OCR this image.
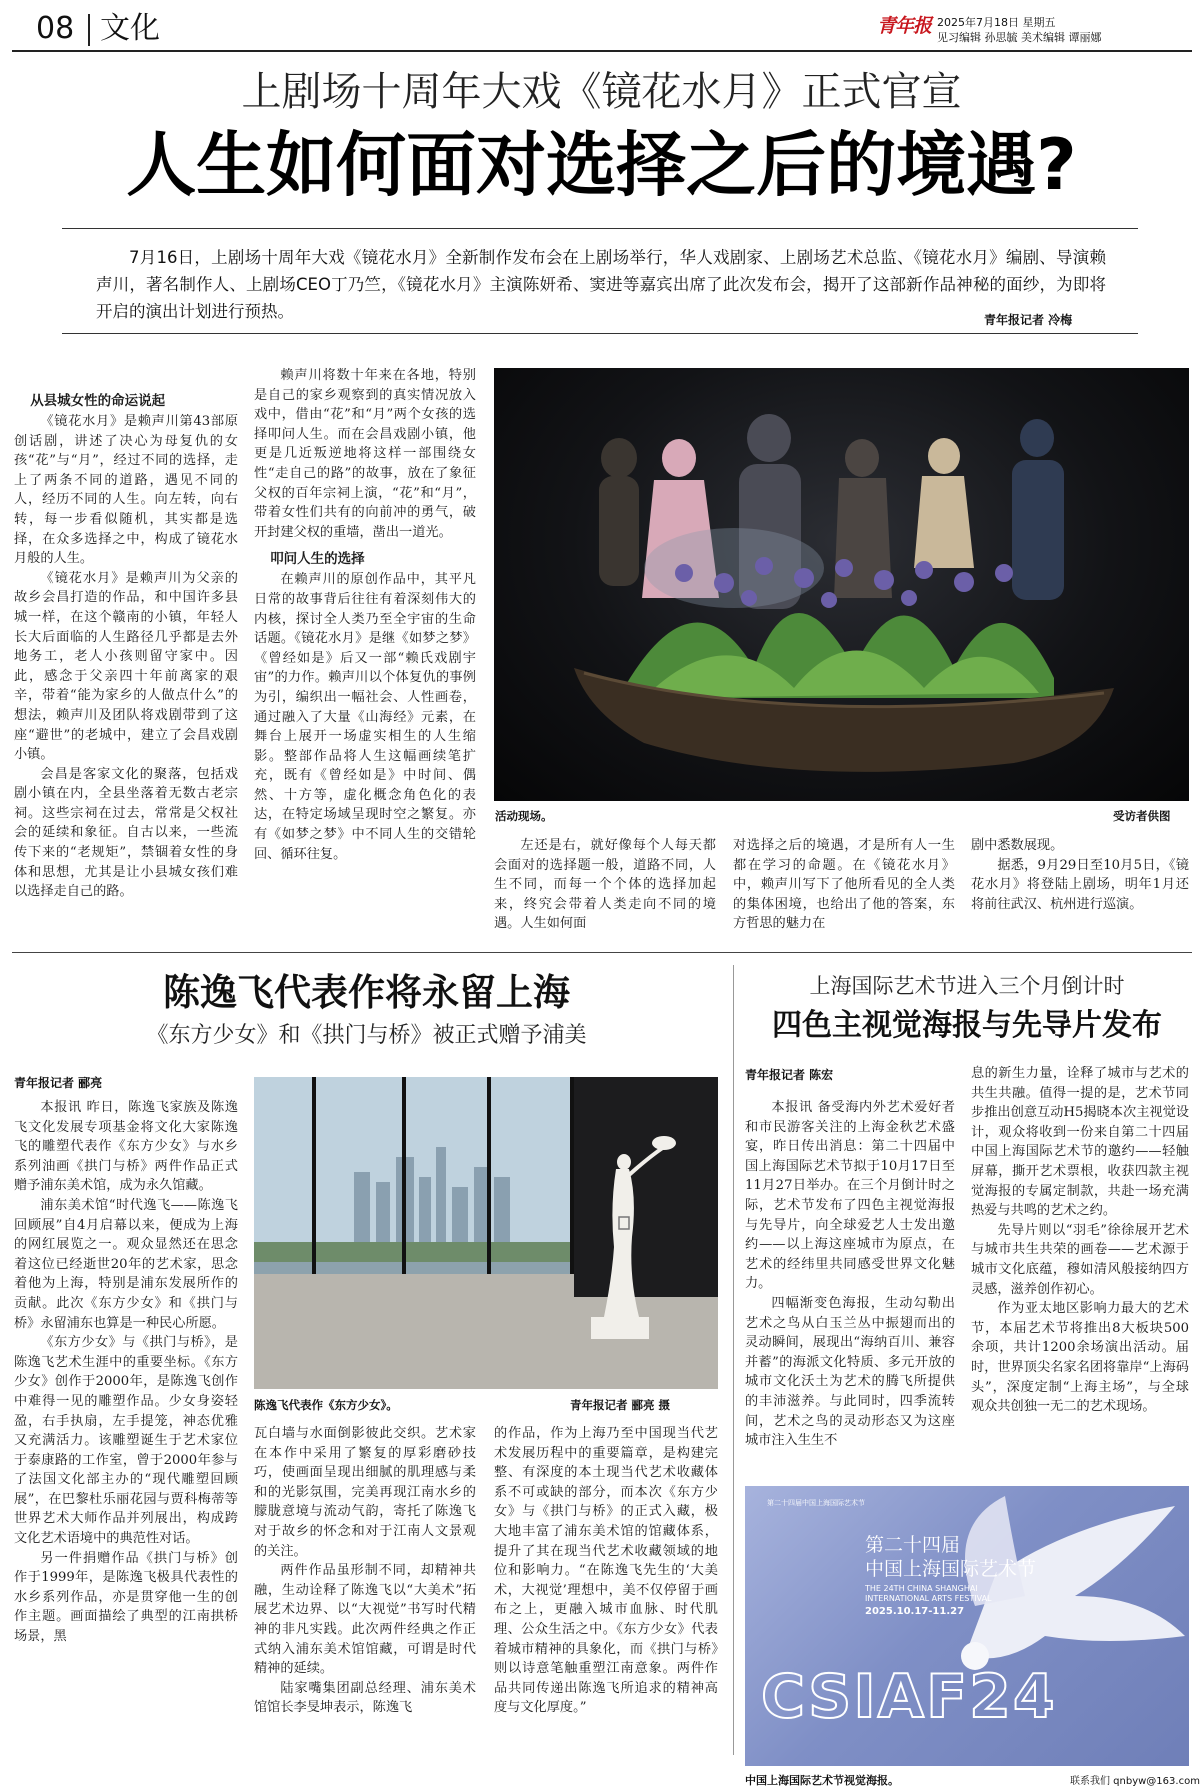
08 文化	青年报 2025年7月18日 星期五
见习编辑 孙思毓 美术编辑 谭丽娜
上剧场十周年大戏《镜花水月》正式官宣
人生如何面对选择之后的境遇?

7月16日，上剧场十周年大戏《镜花水月》全新制作发布会在上剧场举行，华人戏剧家、上剧场艺术总监、《镜花水月》编剧、导演赖声川，著名制作人、上剧场CEO丁乃竺，《镜花水月》主演陈妍希、窦进等嘉宾出席了此次发布会，揭开了这部新作品神秘的面纱，为即将开启的演出计划进行预热。	青年报记者 冷梅
从县城女性的命运说起

《镜花水月》是赖声川第43部原创话剧，讲述了决心为母复仇的女孩“花”与“月”，经过不同的选择，走上了两条不同的道路，遇见不同的人，经历不同的人生。向左转，向右转，每一步看似随机，其实都是选择，在众多选择之中，构成了镜花水月般的人生。

《镜花水月》是赖声川为父亲的故乡会昌打造的作品，和中国许多县城一样，在这个赣南的小镇，年轻人长大后面临的人生路径几乎都是去外地务工，老人小孩则留守家中。因此，感念于父亲四十年前离家的艰辛，带着“能为家乡的人做点什么”的想法，赖声川及团队将戏剧带到了这座“避世”的老城中，建立了会昌戏剧小镇。

会昌是客家文化的聚落，包括戏剧小镇在内，全县坐落着无数古老宗祠。这些宗祠在过去，常常是父权社会的延续和象征。自古以来，一些流传下来的“老规矩”，禁锢着女性的身体和思想，尤其是让小县城女孩们难以选择走自己的路。

赖声川将数十年来在各地，特别是自己的家乡观察到的真实情况放入戏中，借由“花”和“月”两个女孩的选择叩问人生。而在会昌戏剧小镇，他更是几近叛逆地将这样一部围绕女性“走自己的路”的故事，放在了象征父权的百年宗祠上演，“花”和“月”，带着女性们共有的向前冲的勇气，破开封建父权的重墙，凿出一道光。

叩问人生的选择

在赖声川的原创作品中，其平凡日常的故事背后往往有着深刻伟大的内核，探讨全人类乃至全宇宙的生命话题。《镜花水月》是继《如梦之梦》《曾经如是》后又一部“赖氏戏剧宇宙”的力作。赖声川以个体复仇的事例为引，编织出一幅社会、人性画卷，通过融入了大量《山海经》元素，在舞台上展开一场虚实相生的人生缩影。整部作品将人生这幅画续笔扩充，既有《曾经如是》中时间、偶然、十方等，虚化概念角色化的表达，在特定场域呈现时空之繁复。亦有《如梦之梦》中不同人生的交错轮回、循环往复。

活动现场。	受访者供图

左还是右，就好像每个人每天都会面对的选择题一般，道路不同，人生不同，而每一个个体的选择加起来，终究会带着人类走向不同的境遇。人生如何面

对选择之后的境遇，才是所有人一生都在学习的命题。在《镜花水月》中，赖声川写下了他所看见的全人类的集体困境，也给出了他的答案，东方哲思的魅力在

剧中悉数展现。

据悉，9月29日至10月5日，《镜花水月》将登陆上剧场，明年1月还将前往武汉、杭州进行巡演。

陈逸飞代表作将永留上海
《东方少女》和《拱门与桥》被正式赠予浦美
青年报记者 郦亮

本报讯 昨日，陈逸飞家族及陈逸飞文化发展专项基金将文化大家陈逸飞的雕塑代表作《东方少女》与水乡系列油画《拱门与桥》两件作品正式赠予浦东美术馆，成为永久馆藏。

浦东美术馆“时代逸飞——陈逸飞回顾展”自4月启幕以来，便成为上海的网红展览之一。观众显然还在思念着这位已经逝世20年的艺术家，思念着他为上海，特别是浦东发展所作的贡献。此次《东方少女》和《拱门与桥》永留浦东也算是一种民心所愿。

《东方少女》与《拱门与桥》，是陈逸飞艺术生涯中的重要坐标。《东方少女》创作于2000年，是陈逸飞创作中难得一见的雕塑作品。少女身姿轻盈，右手执扇，左手提笼，神态优雅又充满活力。该雕塑诞生于艺术家位于泰康路的工作室，曾于2000年参与了法国文化部主办的“现代雕塑回顾展”，在巴黎杜乐丽花园与贾科梅蒂等世界艺术大师作品并列展出，构成跨文化艺术语境中的典范性对话。

另一件捐赠作品《拱门与桥》创作于1999年，是陈逸飞极具代表性的水乡系列作品，亦是贯穿他一生的创作主题。画面描绘了典型的江南拱桥场景，黑

陈逸飞代表作《东方少女》。	青年报记者 郦亮 摄

瓦白墙与水面倒影彼此交织。艺术家在本作中采用了繁复的厚彩磨砂技巧，使画面呈现出细腻的肌理感与柔和的光影氛围，完美再现江南水乡的朦胧意境与流动气韵，寄托了陈逸飞对于故乡的怀念和对于江南人文景观的关注。

两件作品虽形制不同，却精神共融，生动诠释了陈逸飞以“大美术”拓展艺术边界、以“大视觉”书写时代精神的非凡实践。此次两件经典之作正式纳入浦东美术馆馆藏，可谓是时代精神的延续。

陆家嘴集团副总经理、浦东美术馆馆长李旻坤表示，陈逸飞

的作品，作为上海乃至中国现当代艺术发展历程中的重要篇章，是构建完整、有深度的本土现当代艺术收藏体系不可或缺的部分，而本次《东方少女》与《拱门与桥》的正式入藏，极大地丰富了浦东美术馆的馆藏体系，提升了其在现当代艺术收藏领域的地位和影响力。“在陈逸飞先生的‘大美术，大视觉’理想中，美不仅停留于画布之上，更融入城市血脉、时代肌理、公众生活之中。《东方少女》代表着城市精神的具象化，而《拱门与桥》则以诗意笔触重塑江南意象。两件作品共同传递出陈逸飞所追求的精神高度与文化厚度。”

上海国际艺术节进入三个月倒计时
四色主视觉海报与先导片发布
青年报记者 陈宏

本报讯 备受海内外艺术爱好者和市民游客关注的上海金秋艺术盛宴，昨日传出消息：第二十四届中国上海国际艺术节拟于10月17日至11月27日举办。在三个月倒计时之际，艺术节发布了四色主视觉海报与先导片，向全球爱艺人士发出邀约——以上海这座城市为原点，在艺术的经纬里共同感受世界文化魅力。

四幅渐变色海报，生动勾勒出艺术之鸟从白玉兰丛中振翅而出的灵动瞬间，展现出“海纳百川、兼容并蓄”的海派文化特质、多元开放的城市文化沃土为艺术的腾飞所提供的丰沛滋养。与此同时，四季流转间，艺术之鸟的灵动形态又为这座城市注入生生不

息的新生力量，诠释了城市与艺术的共生共融。值得一提的是，艺术节同步推出创意互动H5揭晓本次主视觉设计，观众将收到一份来自第二十四届中国上海国际艺术节的邀约——轻触屏幕，撕开艺术票根，收获四款主视觉海报的专属定制款，共赴一场充满热爱与共鸣的艺术之约。

先导片则以“羽毛”徐徐展开艺术与城市共生共荣的画卷——艺术源于城市文化底蕴，穆如清风般接纳四方灵感，滋养创作初心。

作为亚太地区影响力最大的艺术节，本届艺术节将推出8大板块500余项，共计1200余场演出活动。届时，世界顶尖名家名团将靠岸“上海码头”，深度定制“上海主场”，与全球观众共创独一无二的艺术现场。

第二十四届中国上海国际艺术节
第二十四届
中国上海国际艺术节
THE 24TH CHINA SHANGHAI
INTERNATIONAL ARTS FESTIVAL
2025.10.17-11.27
CSIAF24
中国上海国际艺术节视觉海报。	联系我们 qnbyw@163.com
